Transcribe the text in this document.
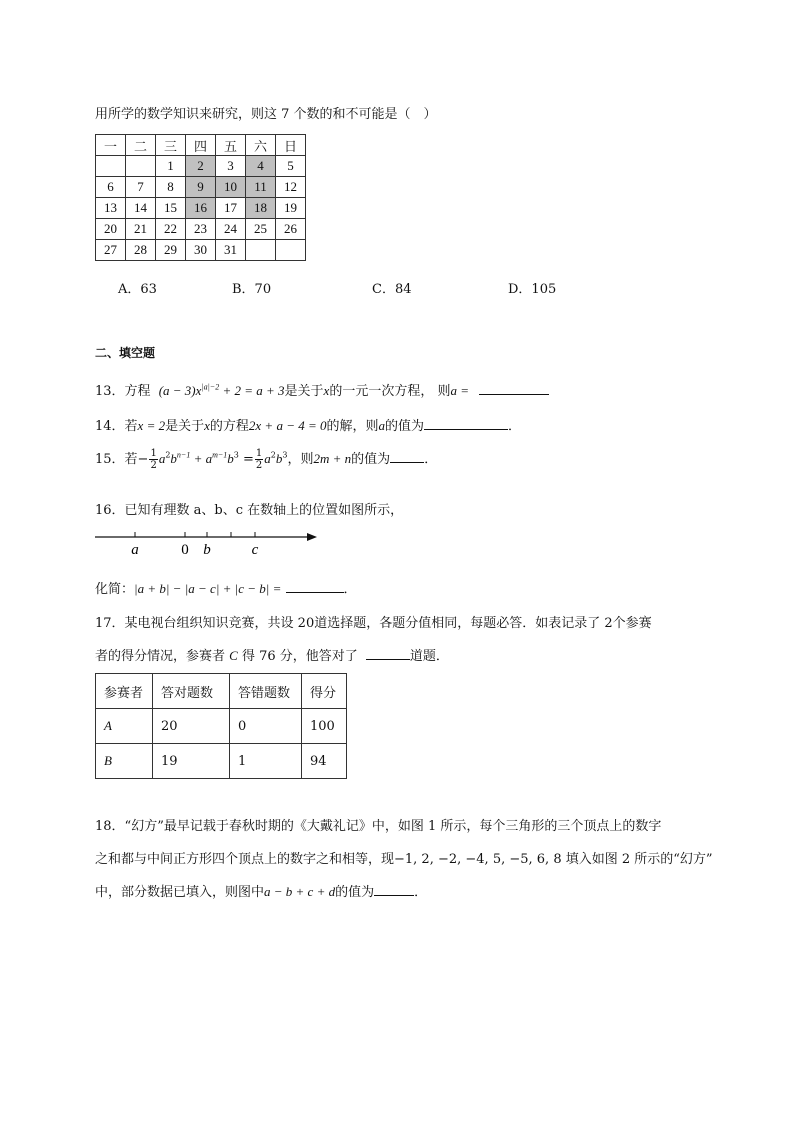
用所学的数学知识来研究，则这 7 个数的和不可能是（　）
一	二	三	四	五	六	日
		1	2	3	4	5
6	7	8	9	10	11	12
13	14	15	16	17	18	19
20	21	22	23	24	25	26
27	28	29	30	31		
A．63	B．70	C．84	D．105
二、填空题
13．方程 $(a - 3)x^{|a|-2} + 2 = a + 3$是关于x的一元一次方程， 则a =
14．若x = 2是关于x的方程2x + a − 4 = 0的解，则a的值为	．
15．若− $\frac{1}{2} a^2b^{n-1} + a^{m-1}b^3 = \frac{1}{2} a^2b^3$，则2m + n的值为	．
16．已知有理数 a、b、c 在数轴上的位置如图所示，
a	0 b	c
化简：|a + b| − |a − c| + |c − b| =	．
17．某电视台组织知识竞赛，共设 20道选择题，各题分值相同，每题必答．如表记录了 2个参赛
者的得分情况，参赛者 C 得 76 分，他答对了	道题．
参赛者	答对题数	答错题数	得分
A	20	0	100
B	19	1	94
18．“幻方”最早记载于春秋时期的《大戴礼记》中，如图 1 所示，每个三角形的三个顶点上的数字
之和都与中间正方形四个顶点上的数字之和相等，现−1, 2, −2, −4, 5, −5, 6, 8 填入如图 2 所示的“幻方”
中，部分数据已填入，则图中a − b + c + d的值为	．
